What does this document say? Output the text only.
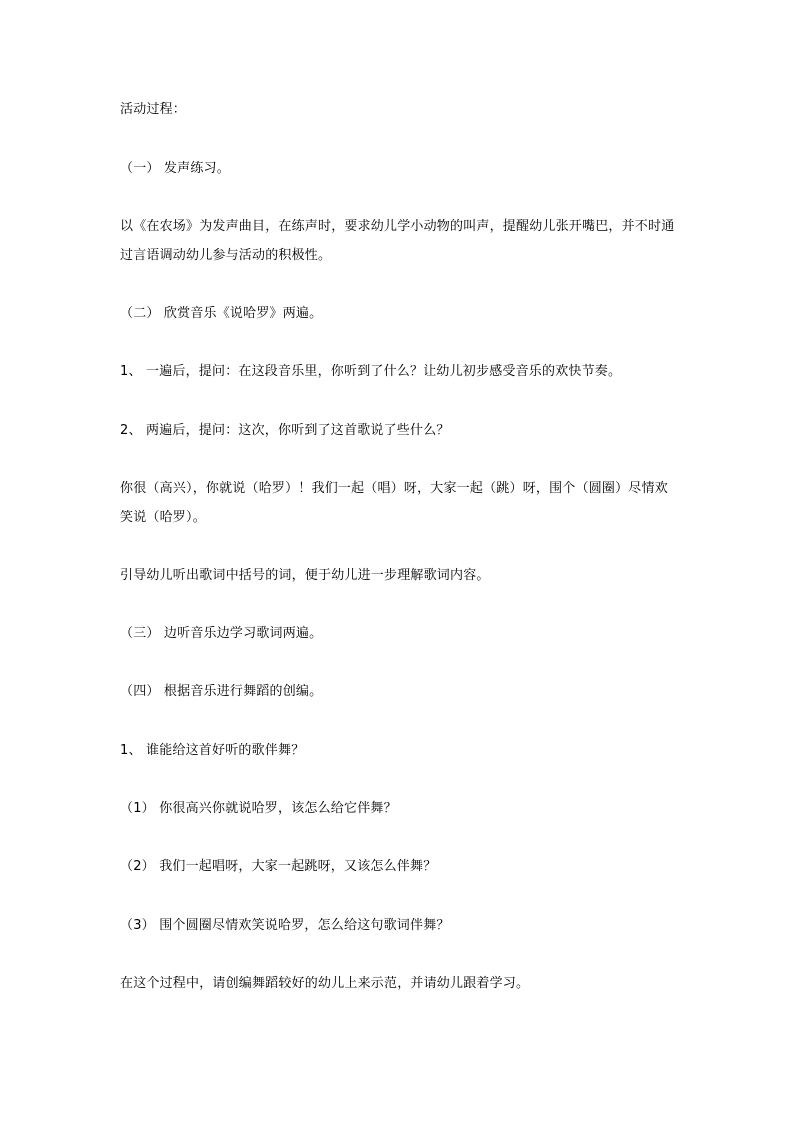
活动过程：
（一） 发声练习。
以《在农场》为发声曲目，在练声时，要求幼儿学小动物的叫声，提醒幼儿张开嘴巴，并不时通过言语调动幼儿参与活动的积极性。
（二） 欣赏音乐《说哈罗》两遍。
1、 一遍后，提问：在这段音乐里，你听到了什么？让幼儿初步感受音乐的欢快节奏。
2、 两遍后，提问：这次，你听到了这首歌说了些什么？
你很（高兴），你就说（哈罗）！我们一起（唱）呀，大家一起（跳）呀，围个（圆圈）尽情欢笑说（哈罗）。
引导幼儿听出歌词中括号的词，便于幼儿进一步理解歌词内容。
（三） 边听音乐边学习歌词两遍。
（四） 根据音乐进行舞蹈的创编。
1、 谁能给这首好听的歌伴舞？
（1） 你很高兴你就说哈罗，该怎么给它伴舞？
（2） 我们一起唱呀，大家一起跳呀，又该怎么伴舞？
（3） 围个圆圈尽情欢笑说哈罗，怎么给这句歌词伴舞？
在这个过程中，请创编舞蹈较好的幼儿上来示范，并请幼儿跟着学习。
